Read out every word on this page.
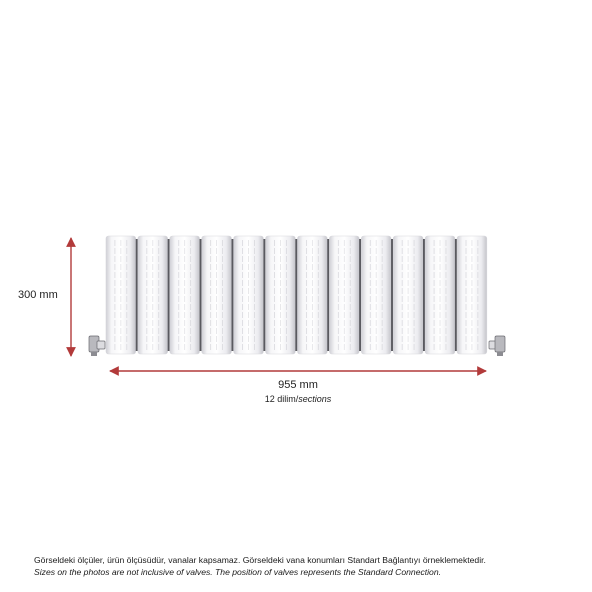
300 mm
955 mm
12 dilim/sections
Görseldeki ölçüler, ürün ölçüsüdür, vanalar kapsamaz. Görseldeki vana konumları Standart Bağlantıyı örneklemektedir.
Sizes on the photos are not inclusive of valves. The position of valves represents the Standard Connection.
